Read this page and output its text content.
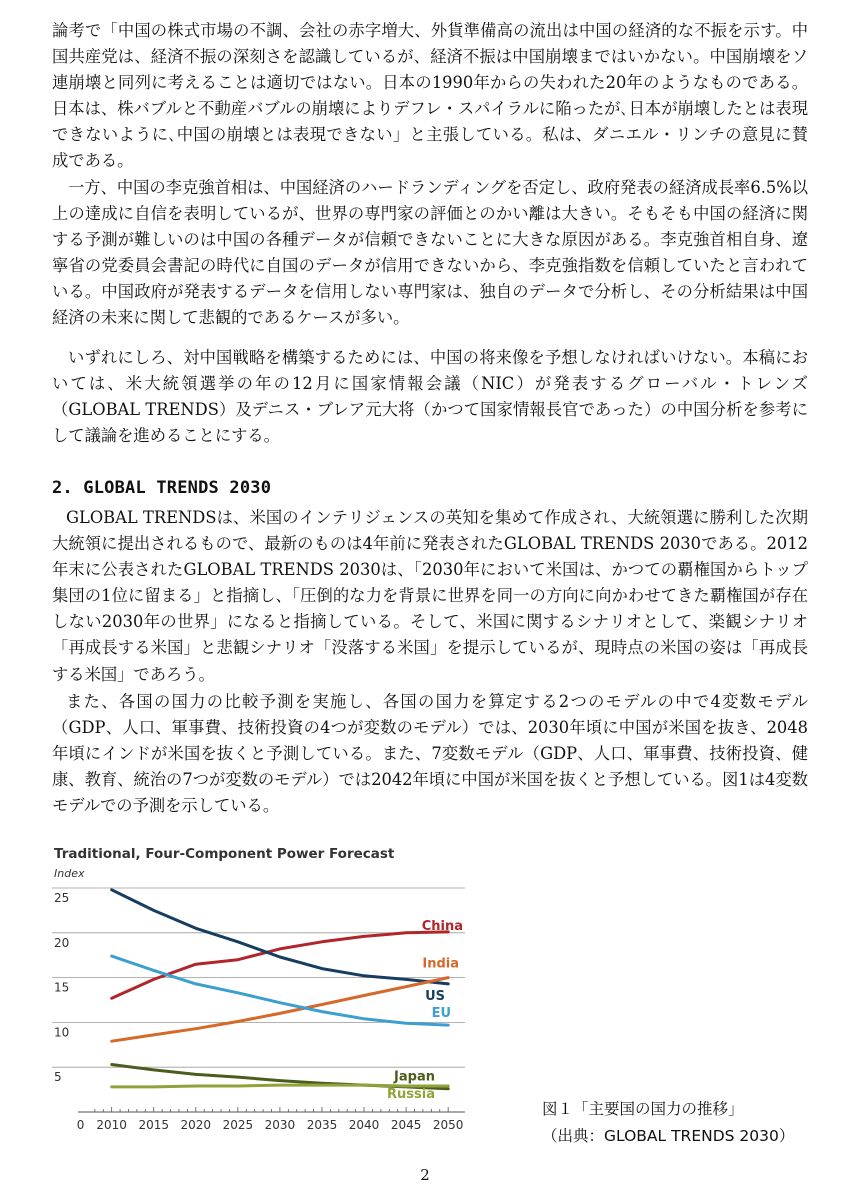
論考で「中国の株式市場の不調、会社の赤字増大、外貨準備高の流出は中国の経済的な不振を示す。中国共産党は、経済不振の深刻さを認識しているが、経済不振は中国崩壊まではいかない。中国崩壊をソ連崩壊と同列に考えることは適切ではない。日本の1990年からの失われた20年のようなものである。日本は、株バブルと不動産バブルの崩壊によりデフレ・スパイラルに陥ったが､日本が崩壊したとは表現できないように､中国の崩壊とは表現できない」と主張している。私は、ダニエル・リンチの意見に賛成である。

一方、中国の李克強首相は、中国経済のハードランディングを否定し、政府発表の経済成長率6.5%以上の達成に自信を表明しているが、世界の専門家の評価とのかい離は大きい。そもそも中国の経済に関する予測が難しいのは中国の各種データが信頼できないことに大きな原因がある。李克強首相自身、遼寧省の党委員会書記の時代に自国のデータが信用できないから、李克強指数を信頼していたと言われている。中国政府が発表するデータを信用しない専門家は、独自のデータで分析し、その分析結果は中国経済の未来に関して悲観的であるケースが多い。

いずれにしろ、対中国戦略を構築するためには、中国の将来像を予想しなければいけない。本稿においては、米大統領選挙の年の12月に国家情報会議（NIC）が発表するグローバル・トレンズ（GLOBAL TRENDS）及デニス・ブレア元大将（かつて国家情報長官であった）の中国分析を参考にして議論を進めることにする。

2. GLOBAL TRENDS 2030

GLOBAL TRENDSは、米国のインテリジェンスの英知を集めて作成され、大統領選に勝利した次期大統領に提出されるもので、最新のものは4年前に発表されたGLOBAL TRENDS 2030である。2012年末に公表されたGLOBAL TRENDS 2030は、「2030年において米国は、かつての覇権国からトップ集団の1位に留まる」と指摘し、「圧倒的な力を背景に世界を同一の方向に向かわせてきた覇権国が存在しない2030年の世界」になると指摘している。そして、米国に関するシナリオとして、楽観シナリオ「再成長する米国」と悲観シナリオ「没落する米国」を提示しているが、現時点の米国の姿は「再成長する米国」であろう。

また、各国の国力の比較予測を実施し、各国の国力を算定する2つのモデルの中で4変数モデル（GDP、人口、軍事費、技術投資の4つが変数のモデル）では、2030年頃に中国が米国を抜き、2048年頃にインドが米国を抜くと予測している。また、7変数モデル（GDP、人口、軍事費、技術投資、健康、教育、統治の7つが変数のモデル）では2042年頃に中国が米国を抜くと予想している。図1は4変数モデルでの予測を示している。

Traditional, Four-Component Power Forecast
Index
5
10
15
20
25
China
US
India
EU
Japan
Russia
0 2010 2015 2020 2025 2030 2035 2040 2045 2050
図１「主要国の国力の推移」
（出典：GLOBAL TRENDS 2030）
2
